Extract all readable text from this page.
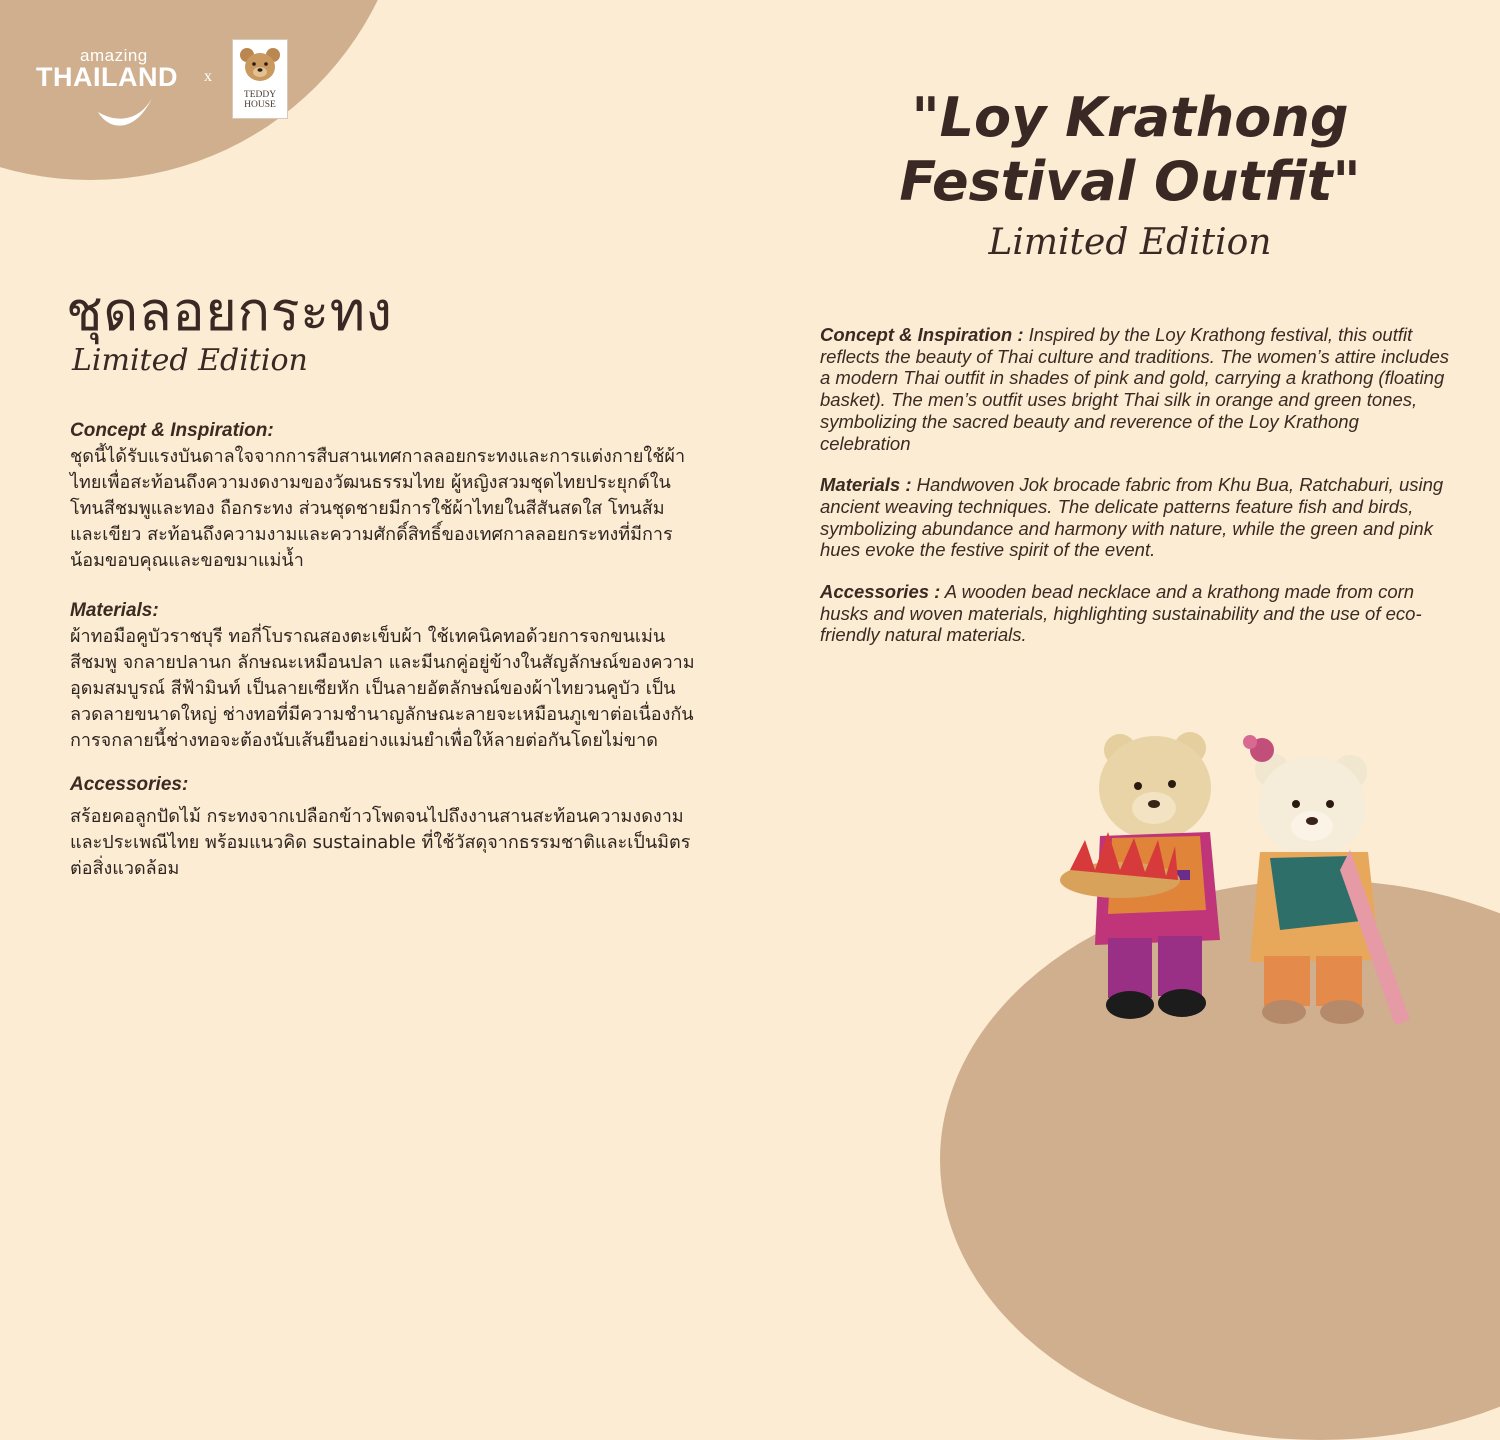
amazing
THAILAND x
TEDDY HOUSE
ชุดลอยกระทง
Limited Edition

Concept & Inspiration:

ชุดนี้ได้รับแรงบันดาลใจจากการสืบสานเทศกาลลอยกระทงและการแต่งกายใช้ผ้าไทยเพื่อสะท้อนถึงความงดงามของวัฒนธรรมไทย ผู้หญิงสวมชุดไทยประยุกต์ในโทนสีชมพูและทอง ถือกระทง ส่วนชุดชายมีการใช้ผ้าไทยในสีสันสดใส โทนส้มและเขียว สะท้อนถึงความงามและความศักดิ์สิทธิ์ของเทศกาลลอยกระทงที่มีการน้อมขอบคุณและขอขมาแม่น้ำ

Materials:

ผ้าทอมือคูบัวราชบุรี ทอกี่โบราณสองตะเข็บผ้า ใช้เทคนิคทอด้วยการจกขนเม่น สีชมพู จกลายปลานก ลักษณะเหมือนปลา และมีนกคู่อยู่ข้างในสัญลักษณ์ของความอุดมสมบูรณ์ สีฟ้ามินท์ เป็นลายเซียหัก เป็นลายอัตลักษณ์ของผ้าไทยวนคูบัว เป็นลวดลายขนาดใหญ่ ช่างทอที่มีความชำนาญลักษณะลายจะเหมือนภูเขาต่อเนื่องกัน การจกลายนี้ช่างทอจะต้องนับเส้นยืนอย่างแม่นยำเพื่อให้ลายต่อกันโดยไม่ขาด

Accessories:

สร้อยคอลูกปัดไม้ กระทงจากเปลือกข้าวโพดจนไปถึงงานสานสะท้อนความงดงามและประเพณีไทย พร้อมแนวคิด sustainable ที่ใช้วัสดุจากธรรมชาติและเป็นมิตรต่อสิ่งแวดล้อม

"Loy Krathong Festival Outfit"
Limited Edition

Concept & Inspiration : Inspired by the Loy Krathong festival, this outfit reflects the beauty of Thai culture and traditions. The women’s attire includes a modern Thai outfit in shades of pink and gold, carrying a krathong (floating basket). The men’s outfit uses bright Thai silk in orange and green tones, symbolizing the sacred beauty and reverence of the Loy Krathong celebration

Materials : Handwoven Jok brocade fabric from Khu Bua, Ratchaburi, using ancient weaving techniques. The delicate patterns feature fish and birds, symbolizing abundance and harmony with nature, while the green and pink hues evoke the festive spirit of the event.

Accessories : A wooden bead necklace and a krathong made from corn husks and woven materials, highlighting sustainability and the use of eco-friendly natural materials.
